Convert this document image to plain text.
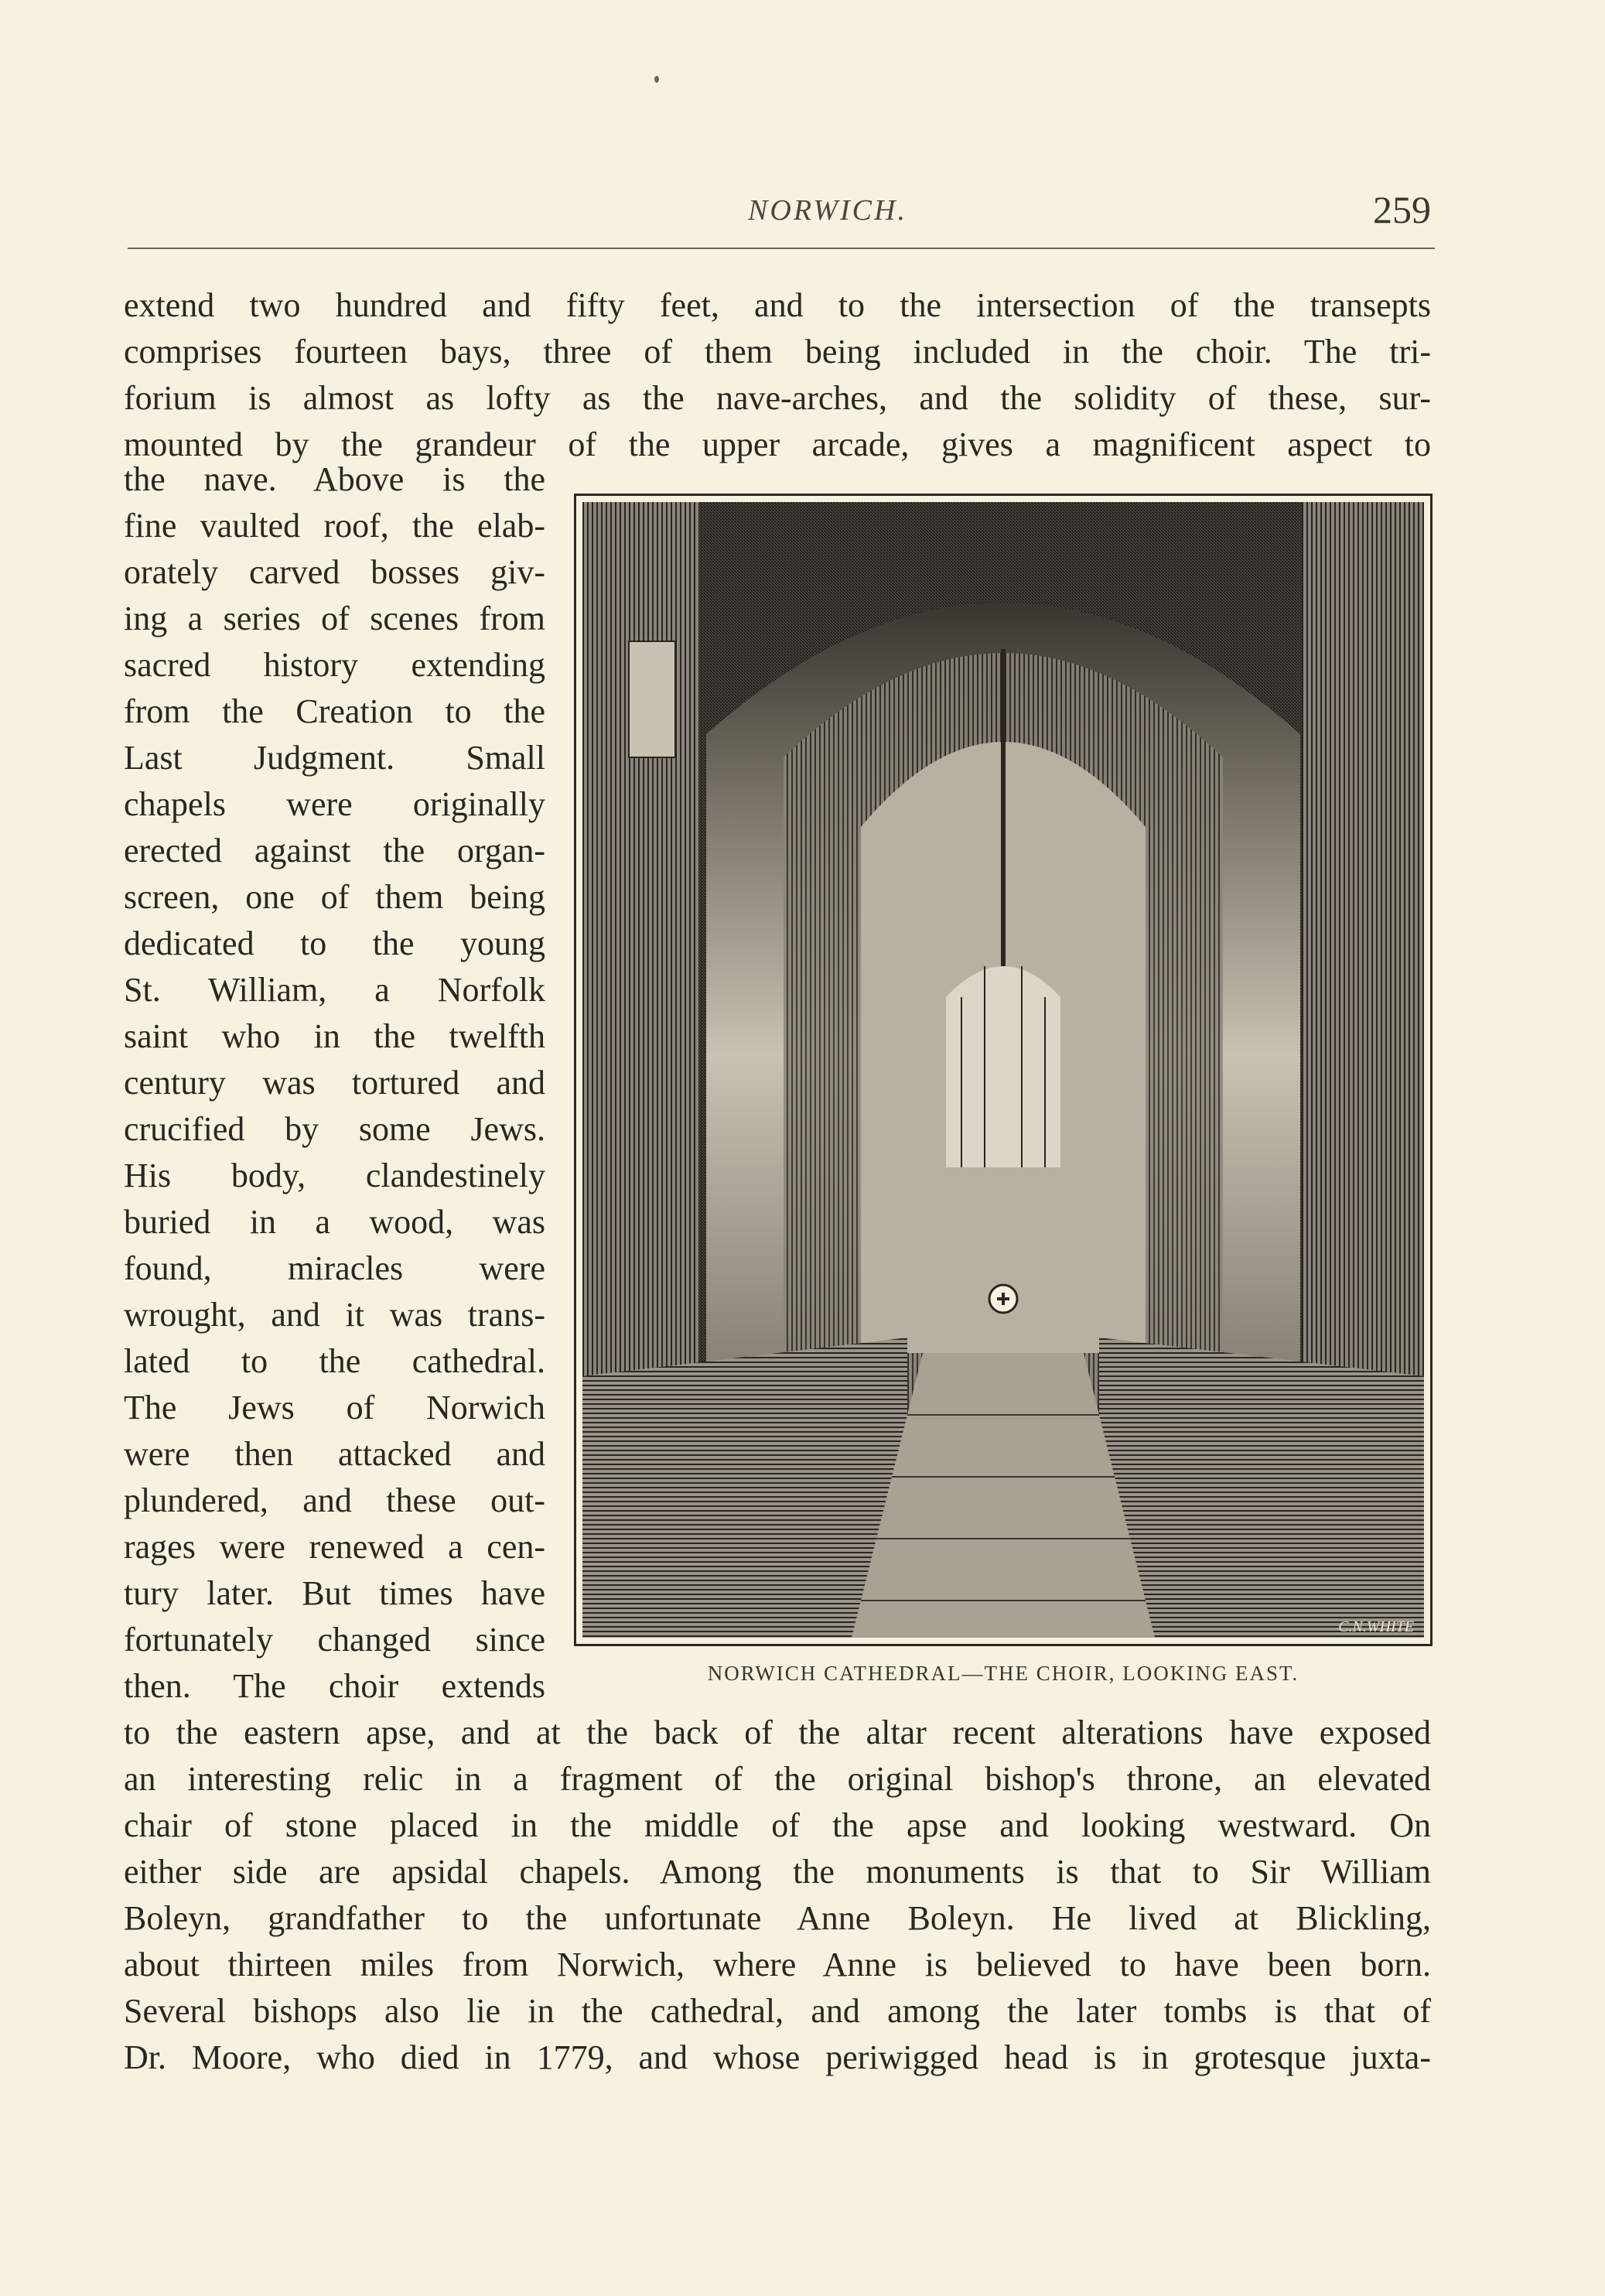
NORWICH.	259
extend two hundred and fifty feet, and to the intersection of the transepts
comprises fourteen bays, three of them being included in the choir. The tri-
forium is almost as lofty as the nave-arches, and the solidity of these, sur-
mounted by the grandeur of the upper arcade, gives a magnificent aspect to
the nave. Above is the
fine vaulted roof, the elab-
orately carved bosses giv-
ing a series of scenes from
sacred history extending
from the Creation to the
Last Judgment. Small
chapels were originally
erected against the organ-
screen, one of them being
dedicated to the young
St. William, a Norfolk
saint who in the twelfth
century was tortured and
crucified by some Jews.
His body, clandestinely
buried in a wood, was
found, miracles were
wrought, and it was trans-
lated to the cathedral.
The Jews of Norwich
were then attacked and
plundered, and these out-
rages were renewed a cen-
tury later. But times have
fortunately changed since
then. The choir extends
to the eastern apse, and at the back of the altar recent alterations have exposed
an interesting relic in a fragment of the original bishop's throne, an elevated
chair of stone placed in the middle of the apse and looking westward. On
either side are apsidal chapels. Among the monuments is that to Sir William
Boleyn, grandfather to the unfortunate Anne Boleyn. He lived at Blickling,
about thirteen miles from Norwich, where Anne is believed to have been born.
Several bishops also lie in the cathedral, and among the later tombs is that of
Dr. Moore, who died in 1779, and whose periwigged head is in grotesque juxta-
C.N.WHITE
NORWICH CATHEDRAL—THE CHOIR, LOOKING EAST.
